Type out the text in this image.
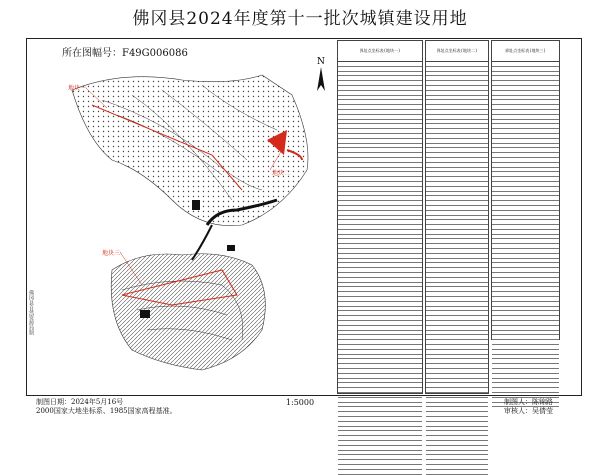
佛冈县2024年度第十一批次城镇建设用地
所在图幅号：F49G006086
佛冈县自然资源局制
地块一
地块二
地块三
N
界址点坐标表(地块一)	界址点坐标表(地块二)	界址点坐标表(地块三)
制图日期：2024年5月16号
2000国家大地坐标系、1985国家高程基准。
1:5000	制图人：陈锦路
审核人：吴倩莹
